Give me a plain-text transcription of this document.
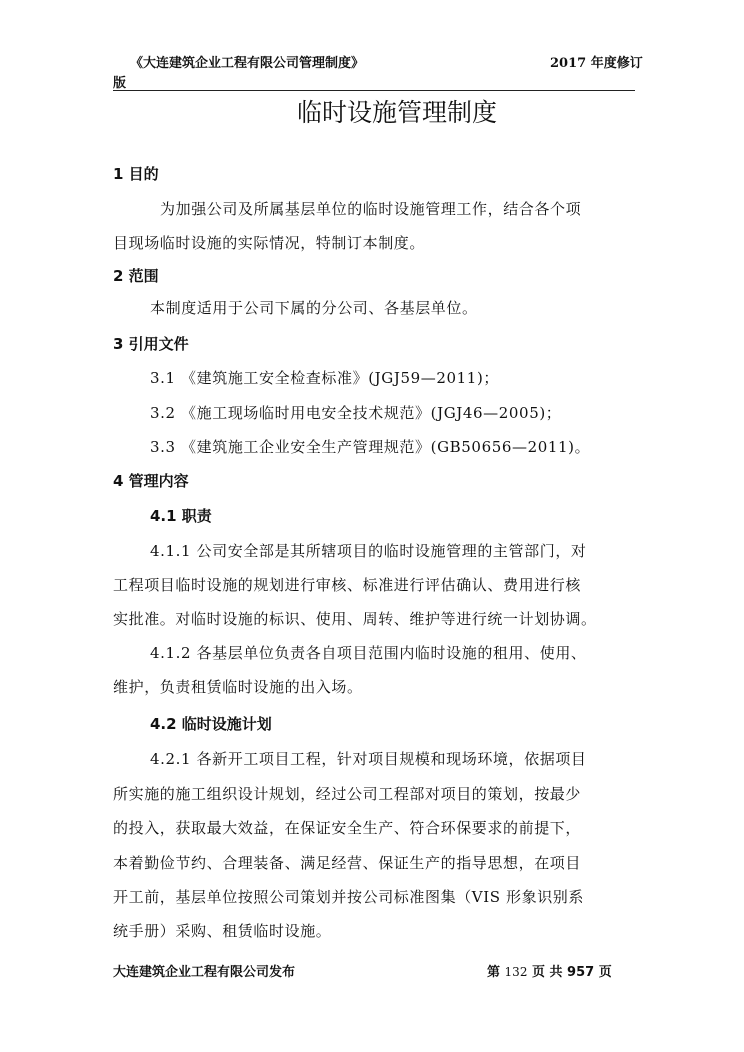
《大连建筑企业工程有限公司管理制度》	2017 年度修订
版
临时设施管理制度
1 目的
为加强公司及所属基层单位的临时设施管理工作，结合各个项
目现场临时设施的实际情况，特制订本制度。
2 范围
本制度适用于公司下属的分公司、各基层单位。
3 引用文件
3.1 《建筑施工安全检查标准》(JGJ59—2011)；
3.2 《施工现场临时用电安全技术规范》(JGJ46—2005)；
3.3 《建筑施工企业安全生产管理规范》(GB50656—2011)。
4 管理内容
4.1 职责
4.1.1 公司安全部是其所辖项目的临时设施管理的主管部门，对
工程项目临时设施的规划进行审核、标准进行评估确认、费用进行核
实批准。对临时设施的标识、使用、周转、维护等进行统一计划协调。
4.1.2 各基层单位负责各自项目范围内临时设施的租用、使用、
维护，负责租赁临时设施的出入场。
4.2 临时设施计划
4.2.1 各新开工项目工程，针对项目规模和现场环境，依据项目
所实施的施工组织设计规划，经过公司工程部对项目的策划，按最少
的投入，获取最大效益，在保证安全生产、符合环保要求的前提下，
本着勤俭节约、合理装备、满足经营、保证生产的指导思想，在项目
开工前，基层单位按照公司策划并按公司标准图集（VIS 形象识别系
统手册）采购、租赁临时设施。
大连建筑企业工程有限公司发布	第 132 页 共 957 页
